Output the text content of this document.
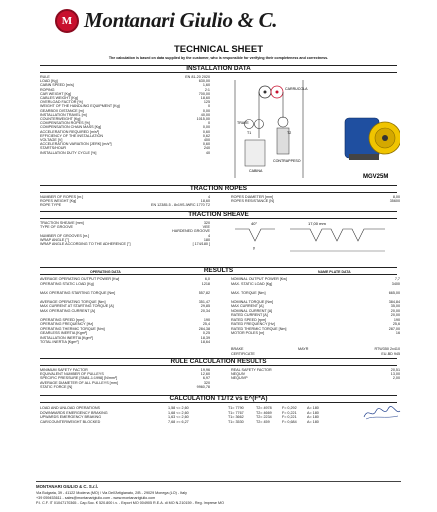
M
Montanari Giulio & C.
TECHNICAL SHEET
The calculation is based on data supplied by the customer, who is responsible for verifying their completeness and correctness.
INSTALLATION DATA
RULE	EN 81-20 2020
LOAD [Kg]	630,00
CABIN SPEED [m/s]	1,60
ROPING	2:1
CAR WEIGHT [Kg]	700,00
CABLES WEIGHT [Kg]	18,60
OVERLOAD FACTOR [%]	125
WEIGHT OF THE HANDLING EQUIPMENT [Kg]	0
GEARBOX DISTANCE [m]	0,00
INSTALLATION TRAVEL [m]	40,00
COUNTERWEIGHT [Kg]	1015,00
COMPENSATION ROPES [%]	0
COMPENSATION CHAIN MASS [Kg]	0,00
ACCELERATION REQUIRED [m/s²]	0,60
EFFICIENCY OF THE INSTALLATION	0,62
VOLTAGE [V]	400
ACCELERATION VARIATION [JERK] [m/s³]	0,60
STARTS/HOUR	240
INSTALLATION DUTY CYCLE [%]	40
TRAVE
CARRUCOLA
CONTRAPPESO
CABINA
T1	T2
MGV25M
TRACTION ROPES
NUMBER OF ROPES [nr.]	4
ROPES WEIGHT [Kg]	18,60
ROPE TYPE	EN 12385-5 - 8x19S-IWRC 1770 T2
ROPES DIAMETER [mm]	8,00
ROPES RESISTANCE [N]	35600
TRACTION SHEAVE
TRACTION SHEAVE [mm]	320
TYPE OF GROOVE	VEE
HARDENED GROOVE
NUMBER OF GROOVES [nr.]	4
WRAP ANGLE [°]	180
WRAP ANGLE ACCORDING TO THE ADHERENCE [°]	[ 174/180 ]
40°	17,00 mm
γ
RESULTS
OPERATING DATA	NAME PLATE DATA
AVERAGE OPERATING OUTPUT POWER [Kw]	6,0
OPERATING STATIC LOAD [Kg]	1218
MAX OPERATING STARTING TORQUE [Nm]	557,82
AVERAGE OPERATING TORQUE [Nm]	351,47
MAX CURRENT AT STARTING TORQUE [A]	29,85
MAX OPERATING CURRENT [A]	20,34
OPERATING SPEED [rpm]	190
OPERATING FREQUENCY [Hz]	25,4
OPERATING THERMIC TORQUE [Nm]	284,38
GEARLESS INERTIA [Kgm²]	0,25
INSTALLATION INERTIA [Kgm²]	18,39
TOTAL INERTIA [Kgm²]	18,64
NOMINAL OUTPUT POWER [Kw]	7,7
MAX. STATIC LOAD [Kg]	3400
MAX. TORQUE [Nm]	665,00
NOMINAL TORQUE [Nm]	384,84
MAX CURRENT [A]	35,00
NOMINAL CURRENT [A]	20,00
RATED CURRENT [A]	20,00
RATED SPEED [rpm]	190
RATED FREQUENCY [Hz]	25,6
RATED THERMIC TORQUE [Nm]	287,00
MOTOR POLES [nr]	16
BRAKE	MAYR	RTW350 2x410
CERTIFICATE	EU-BD 945
RULE CALCULATION RESULTS
MINIMUM SAFETY FACTOR	19,96
EQUIVALENT NUMBER OF PULLEYS	12,60
SPECIFIC PRESSURE [SN81-1:1998] [N/mm²]	6,97
AVERAGE DIAMETER OF ALL PULLEYS [mm]	320
STATIC FORCE [N]	9960,78
REAL SAFETY FACTOR	20,51
NEQUIV	13,00
NEQUIVP	2,00
CALCULATION T1/T2 vs E^(F*A)
LOAD AND UNLOAD OPERATIONS	1,58 <= 2,60	T1= 7790	T2= 4978	F= 0,292	A= 180
DOWNWARDS EMERGENCY BRAKING	1,68 <= 2,60	T1= 7767	T2= 4669	F= 0,221	A= 180
UPWARDS EMERGENCY BRAKING	1,63 <= 2,60	T1= 3662	T2= 2234	F= 0,221	A= 180
CAR/COUNTERWEIGHT BLOCKED	7,68 >= 6,27	T1= 3530	T2= 459	F= 0,684	A= 180
MONTANARI GIULIO & C. S.r.l.
Via Bulgaria, 39 - 41122 Modena (MO) / Via Dell'Artigianato, 2/B - 29029 Monega (LO) - Italy
+39 059453611 - sales@montanarigiulio.com - www.montanarigiulio.com
P.I. C.F. IT 01047170365 - Cap.Soc. € 520.800 i.v. - Export MO 004905 R.E.A. di MO N.210159 - Reg. Imprese MO
